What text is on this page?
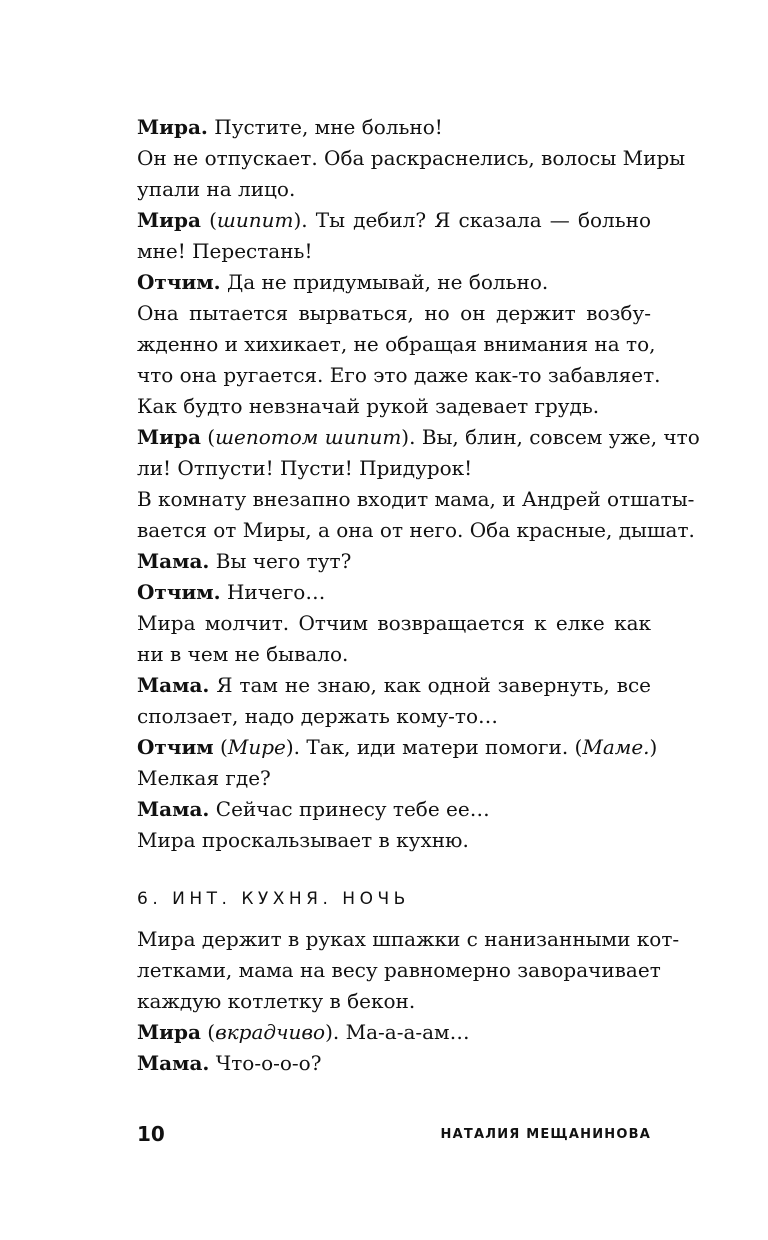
Мира. Пустите, мне больно!
Он не отпускает. Оба раскраснелись, волосы Миры
упали на лицо.
Мира (шипит). Ты дебил? Я сказала — больно
мне! Перестань!
Отчим. Да не придумывай, не больно.
Она пытается вырваться, но он держит возбу-
жденно и хихикает, не обращая внимания на то,
что она ругается. Его это даже как-то забавляет.
Как будто невзначай рукой задевает грудь.
Мира (шепотом шипит). Вы, блин, совсем уже, что
ли! Отпусти! Пусти! Придурок!
В комнату внезапно входит мама, и Андрей отшаты-
вается от Миры, а она от него. Оба красные, дышат.
Мама. Вы чего тут?
Отчим. Ничего…
Мира молчит. Отчим возвращается к елке как
ни в чем не бывало.
Мама. Я там не знаю, как одной завернуть, все
сползает, надо держать кому-то…
Отчим (Мире). Так, иди матери помоги. (Маме.)
Мелкая где?
Мама. Сейчас принесу тебе ее…
Мира проскальзывает в кухню.
6. ИНТ. КУХНЯ. НОЧЬ
Мира держит в руках шпажки с нанизанными кот-
летками, мама на весу равномерно заворачивает
каждую котлетку в бекон.
Мира (вкрадчиво). Ма-а-а-ам…
Мама. Что-о-о-о?
10	НАТАЛИЯ МЕЩАНИНОВА
